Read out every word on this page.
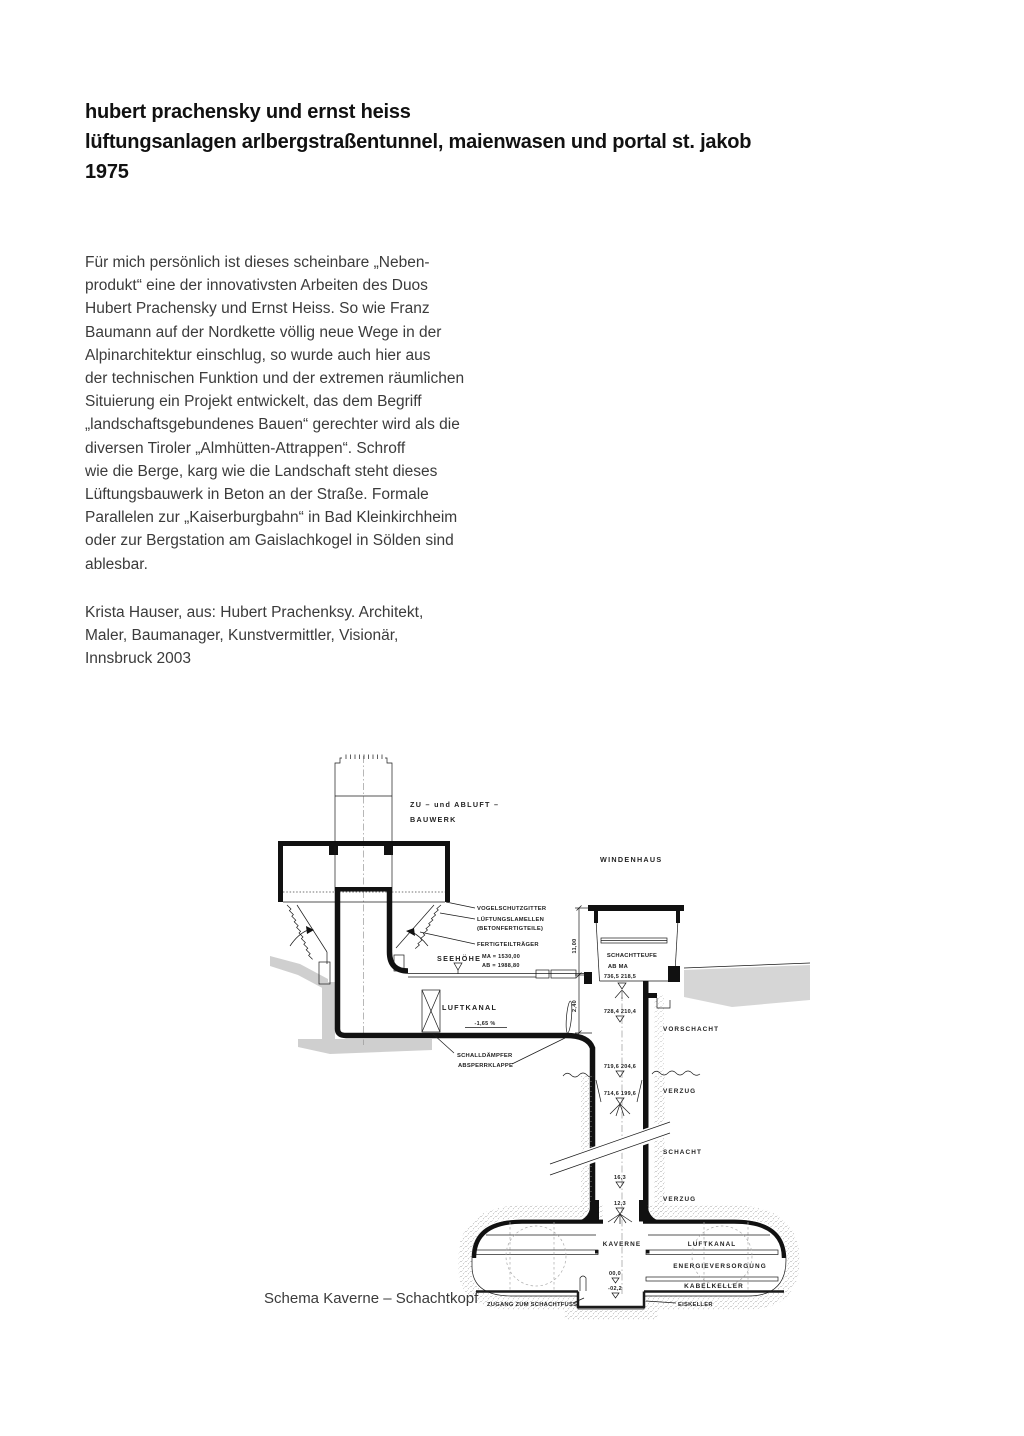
hubert prachensky und ernst heiss
lüftungsanlagen arlbergstraßentunnel, maienwasen und portal st. jakob
1975
Für mich persönlich ist dieses scheinbare „Neben-
produkt“ eine der innovativsten Arbeiten des Duos
Hubert Prachensky und Ernst Heiss. So wie Franz
Baumann auf der Nordkette völlig neue Wege in der
Alpinarchitektur einschlug, so wurde auch hier aus
der technischen Funktion und der extremen räumlichen
Situierung ein Projekt entwickelt, das dem Begriff
„landschaftsgebundenes Bauen“ gerechter wird als die
diversen Tiroler „Almhütten-Attrappen“. Schroff
wie die Berge, karg wie die Landschaft steht dieses
Lüftungsbauwerk in Beton an der Straße. Formale
Parallelen zur „Kaiserburgbahn“ in Bad Kleinkirchheim
oder zur Bergstation am Gaislachkogel in Sölden sind
ablesbar.
Krista Hauser, aus: Hubert Prachenksy. Architekt,
Maler, Baumanager, Kunstvermittler, Visionär,
Innsbruck 2003
ZU – und ABLUFT –
BAUWERK
WINDENHAUS
VOGELSCHUTZGITTER
LÜFTUNGSLAMELLEN
(BETONFERTIGTEILE)
FERTIGTEILTRÄGER
SEEHÖHE MA = 1530,00
AB = 1988,80
SCHACHTTEUFE
AB MA
736,5 218,5
11,00
2,40
LUFTKANAL
-1,65 %
728,4 210,4
VORSCHACHT
SCHALLDÄMPFER
ABSPERRKLAPPE	719,6 204,6
VERZUG
714,6 199,6
SCHACHT
16,3
VERZUG
12,3
KAVERNE	LUFTKANAL
ENERGIEVERSORGUNG
KABELKELLER
00,0
-02,2
ZUGANG ZUM SCHACHTFUSS	EISKELLER
Schema Kaverne – Schachtkopf
